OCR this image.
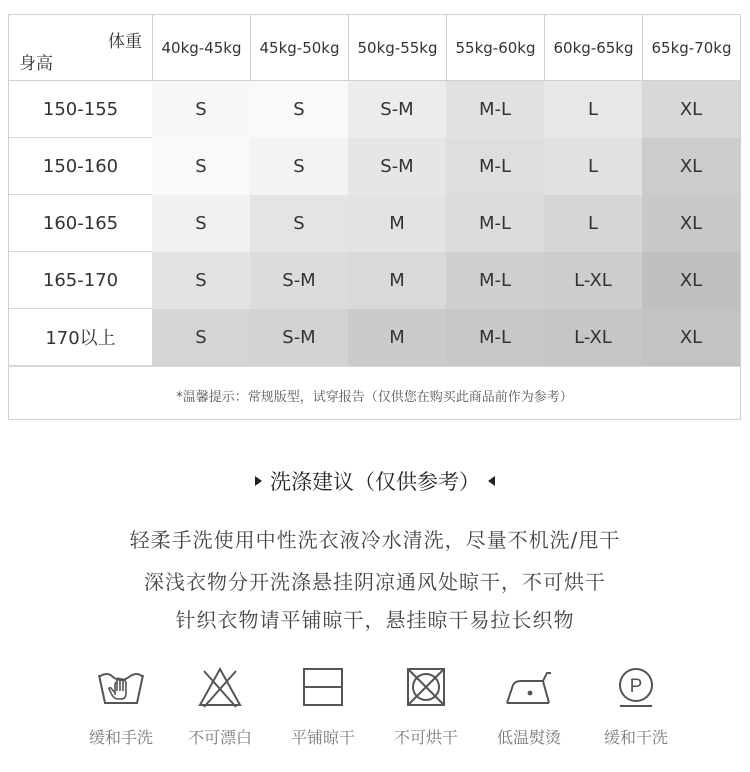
体重
身高
40kg-45kg	45kg-50kg	50kg-55kg	55kg-60kg	60kg-65kg	65kg-70kg
150-155	S	S	S-M	M-L	L	XL
150-160	S	S	S-M	M-L	L	XL
160-165	S	S	M	M-L	L	XL
165-170	S	S-M	M	M-L	L-XL	XL
170以上	S	S-M	M	M-L	L-XL	XL
*温馨提示：常规版型，试穿报告（仅供您在购买此商品前作为参考）
洗涤建议（仅供参考）
轻柔手洗使用中性洗衣液冷水清洗，尽量不机洗/甩干
深浅衣物分开洗涤悬挂阴凉通风处晾干，不可烘干
针织衣物请平铺晾干，悬挂晾干易拉长织物
缓和手洗	不可漂白	平铺晾干	不可烘干	低温熨烫
P
缓和干洗
